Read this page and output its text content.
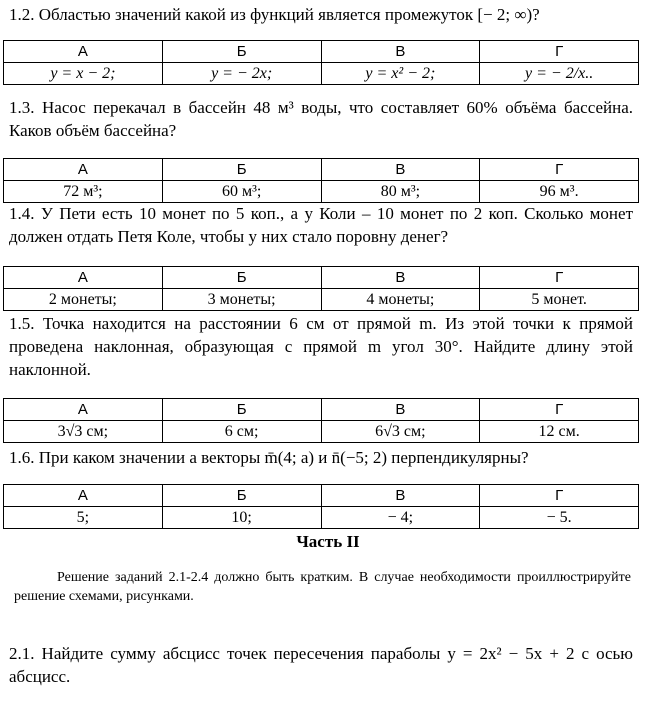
1.2. Областью значений какой из функций является промежуток [− 2; ∞)?
А	Б	В	Г
y = x − 2;	y = − 2x;	y = x² − 2;	y = − 2/x..
1.3. Насос перекачал в бассейн 48 м³ воды, что составляет 60% объёма бассейна. Каков объём бассейна?
А	Б	В	Г
72 м³;	60 м³;	80 м³;	96 м³.
1.4. У Пети есть 10 монет по 5 коп., а у Коли – 10 монет по 2 коп. Сколько монет должен отдать Петя Коле, чтобы у них стало поровну денег?
А	Б	В	Г
2 монеты;	3 монеты;	4 монеты;	5 монет.
1.5. Точка находится на расстоянии 6 см от прямой m. Из этой точки к прямой проведена наклонная, образующая с прямой m угол 30°. Найдите длину этой наклонной.
А	Б	В	Г
3√3 см;	6 см;	6√3 см;	12 см.
1.6. При каком значении a векторы m̄(4; a) и n̄(−5; 2) перпендикулярны?
А	Б	В	Г
5;	10;	− 4;	− 5.
Часть II
Решение заданий 2.1-2.4 должно быть кратким. В случае необходимости проиллюстрируйте решение схемами, рисунками.
2.1. Найдите сумму абсцисс точек пересечения параболы y = 2x² − 5x + 2 с осью абсцисс.
